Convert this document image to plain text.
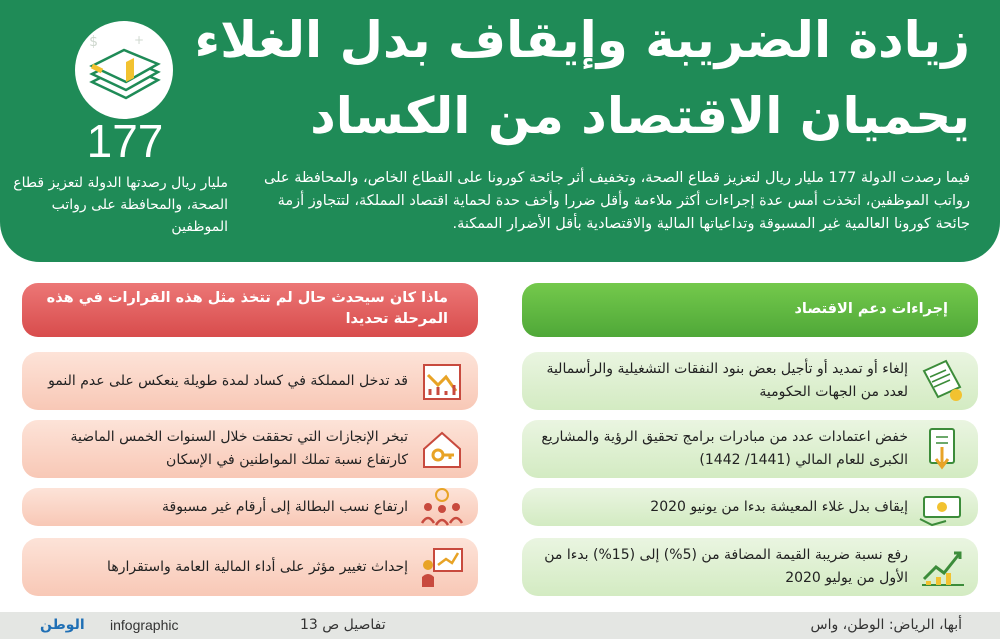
زيادة الضريبة وإيقاف بدل الغلاء
يحميان الاقتصاد من الكساد
$	+
177
مليار ريال رصدتها الدولة لتعزيز قطاع الصحة، والمحافظة على رواتب الموظفين
فيما رصدت الدولة 177 مليار ريال لتعزيز قطاع الصحة، وتخفيف أثر جائحة كورونا على القطاع الخاص، والمحافظة على رواتب الموظفين، اتخذت أمس عدة إجراءات أكثر ملاءمة وأقل ضررا وأخف حدة لحماية اقتصاد المملكة، لتتجاوز أزمة جائحة كورونا العالمية غير المسبوقة وتداعياتها المالية والاقتصادية بأقل الأضرار الممكنة.
إجراءات دعم الاقتصاد
إلغاء أو تمديد أو تأجيل بعض بنود النفقات التشغيلية والرأسمالية لعدد من الجهات الحكومية
خفض اعتمادات عدد من مبادرات برامج تحقيق الرؤية والمشاريع الكبرى للعام المالي (1441/ 1442)
إيقاف بدل غلاء المعيشة بدءا من يونيو 2020
رفع نسبة ضريبة القيمة المضافة من (5%) إلى (15%) بدءا من الأول من يوليو 2020
ماذا كان سيحدث حال لم تتخذ مثل هذه القرارات في هذه المرحلة تحديدا
قد تدخل المملكة في كساد لمدة طويلة ينعكس على عدم النمو
تبخر الإنجازات التي تحققت خلال السنوات الخمس الماضية كارتفاع نسبة تملك المواطنين في الإسكان
ارتفاع نسب البطالة إلى أرقام غير مسبوقة
إحداث تغيير مؤثر على أداء المالية العامة واستقرارها
أبها، الرياض: الوطن، واس
تفاصيل ص 13
infographic
الوطن
